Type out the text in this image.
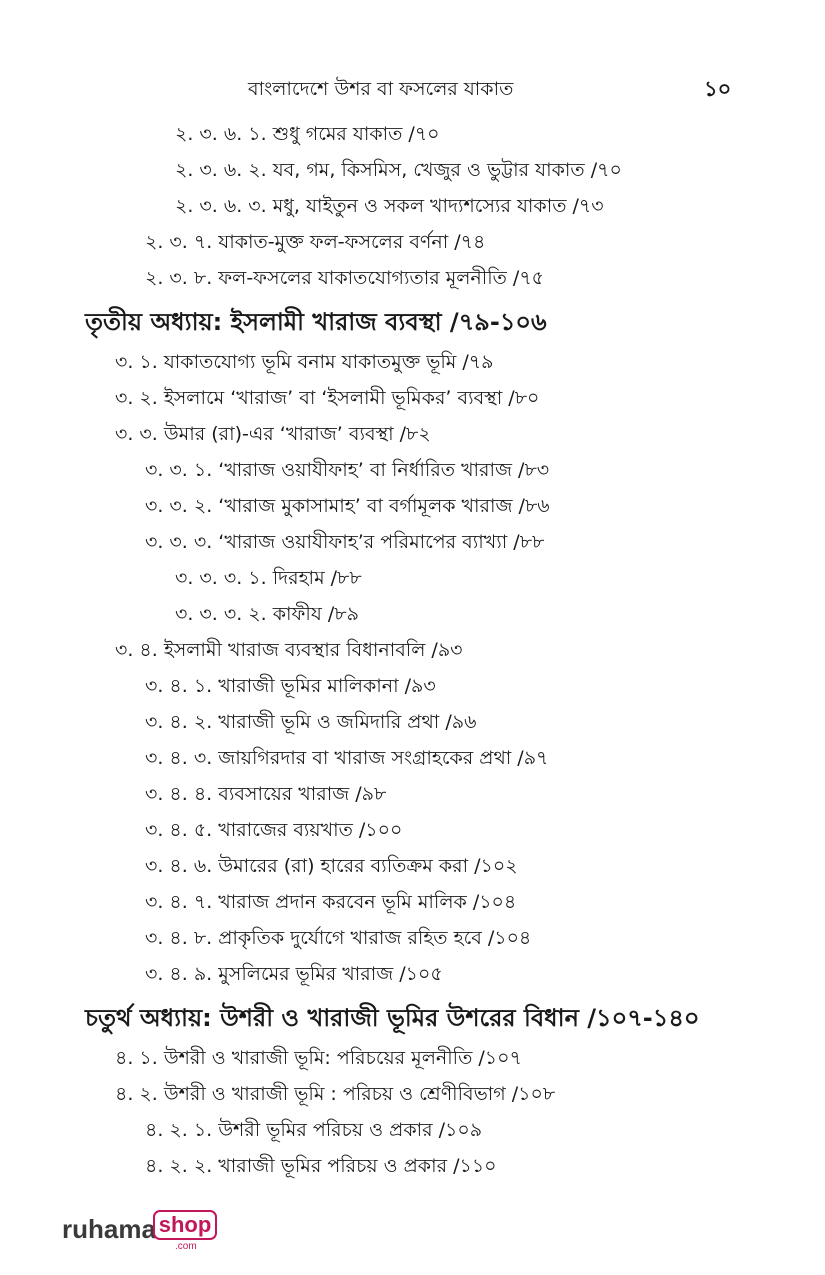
বাংলাদেশে উশর বা ফসলের যাকাত	১০
২. ৩. ৬. ১. শুধু গমের যাকাত /৭০
২. ৩. ৬. ২. যব, গম, কিসমিস, খেজুর ও ভুট্টার যাকাত /৭০
২. ৩. ৬. ৩. মধু, যাইতুন ও সকল খাদ্যশস্যের যাকাত /৭৩
২. ৩. ৭. যাকাত-মুক্ত ফল-ফসলের বর্ণনা /৭৪
২. ৩. ৮. ফল-ফসলের যাকাতযোগ্যতার মূলনীতি /৭৫
তৃতীয় অধ্যায়: ইসলামী খারাজ ব্যবস্থা /৭৯-১০৬
৩. ১. যাকাতযোগ্য ভূমি বনাম যাকাতমুক্ত ভূমি /৭৯
৩. ২. ইসলামে ‘খারাজ’ বা ‘ইসলামী ভূমিকর’ ব্যবস্থা /৮০
৩. ৩. উমার (রা)-এর ‘খারাজ’ ব্যবস্থা /৮২
৩. ৩. ১. ‘খারাজ ওয়াযীফাহ’ বা নির্ধারিত খারাজ /৮৩
৩. ৩. ২. ‘খারাজ মুকাসামাহ’ বা বর্গামূলক খারাজ /৮৬
৩. ৩. ৩. ‘খারাজ ওয়াযীফাহ’র পরিমাপের ব্যাখ্যা /৮৮
৩. ৩. ৩. ১. দিরহাম /৮৮
৩. ৩. ৩. ২. কাফীয /৮৯
৩. ৪. ইসলামী খারাজ ব্যবস্থার বিধানাবলি /৯৩
৩. ৪. ১. খারাজী ভূমির মালিকানা /৯৩
৩. ৪. ২. খারাজী ভূমি ও জমিদারি প্রথা /৯৬
৩. ৪. ৩. জায়গিরদার বা খারাজ সংগ্রাহকের প্রথা /৯৭
৩. ৪. ৪. ব্যবসায়ের খারাজ /৯৮
৩. ৪. ৫. খারাজের ব্যয়খাত /১০০
৩. ৪. ৬. উমারের (রা) হারের ব্যতিক্রম করা /১০২
৩. ৪. ৭. খারাজ প্রদান করবেন ভূমি মালিক /১০৪
৩. ৪. ৮. প্রাকৃতিক দুর্যোগে খারাজ রহিত হবে /১০৪
৩. ৪. ৯. মুসলিমের ভূমির খারাজ /১০৫
চতুর্থ অধ্যায়: উশরী ও খারাজী ভূমির উশরের বিধান /১০৭-১৪০
৪. ১. উশরী ও খারাজী ভূমি: পরিচয়ের মূলনীতি /১০৭
৪. ২. উশরী ও খারাজী ভূমি : পরিচয় ও শ্রেণীবিভাগ /১০৮
৪. ২. ১. উশরী ভূমির পরিচয় ও প্রকার /১০৯
৪. ২. ২. খারাজী ভূমির পরিচয় ও প্রকার /১১০
ruhama shop
.com
